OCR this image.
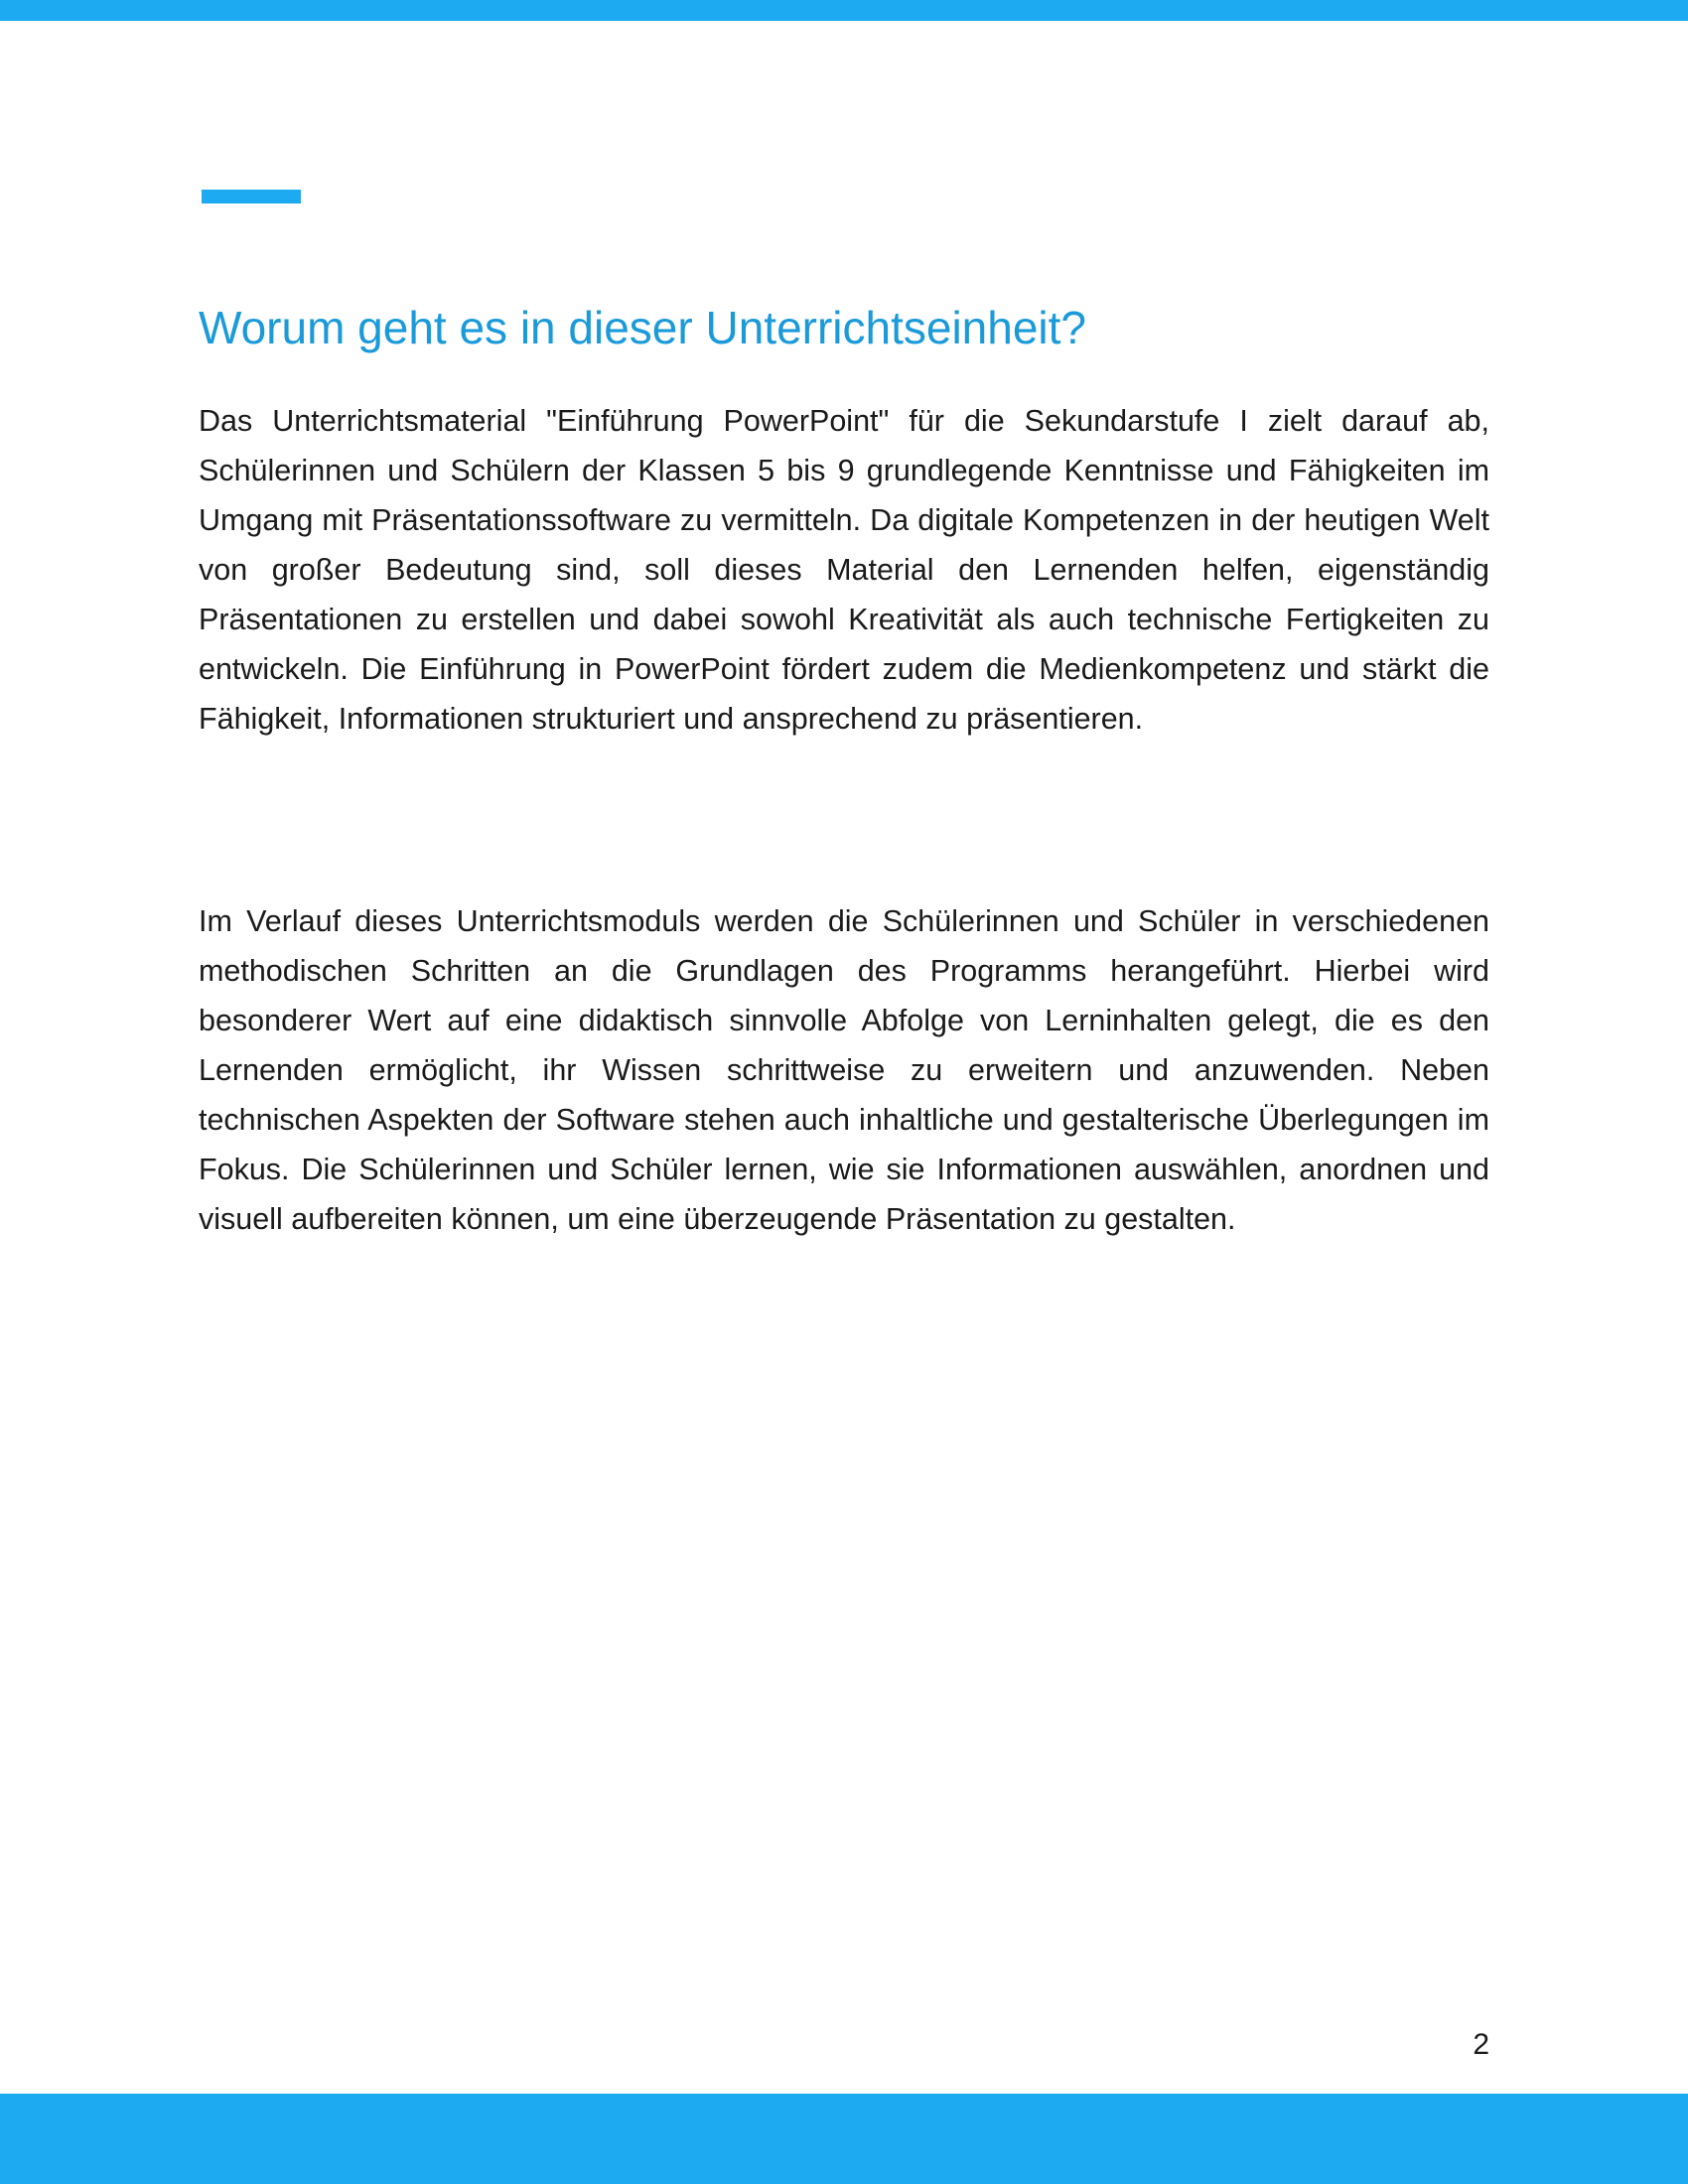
Worum geht es in dieser Unterrichtseinheit?

Das Unterrichtsmaterial "Einführung PowerPoint" für die Sekundarstufe I zielt darauf ab, Schülerinnen und Schülern der Klassen 5 bis 9 grundlegende Kenntnisse und Fähigkeiten im Umgang mit Präsentationssoftware zu vermitteln. Da digitale Kompetenzen in der heutigen Welt von großer Bedeutung sind, soll dieses Material den Lernenden helfen, eigenständig Präsentationen zu erstellen und dabei sowohl Kreativität als auch technische Fertigkeiten zu entwickeln. Die Einführung in PowerPoint fördert zudem die Medienkompetenz und stärkt die Fähigkeit, Informationen strukturiert und ansprechend zu präsentieren.

Im Verlauf dieses Unterrichtsmoduls werden die Schülerinnen und Schüler in verschiedenen methodischen Schritten an die Grundlagen des Programms herangeführt. Hierbei wird besonderer Wert auf eine didaktisch sinnvolle Abfolge von Lerninhalten gelegt, die es den Lernenden ermöglicht, ihr Wissen schrittweise zu erweitern und anzuwenden. Neben technischen Aspekten der Software stehen auch inhaltliche und gestalterische Überlegungen im Fokus. Die Schülerinnen und Schüler lernen, wie sie Informationen auswählen, anordnen und visuell aufbereiten können, um eine überzeugende Präsentation zu gestalten.

2
